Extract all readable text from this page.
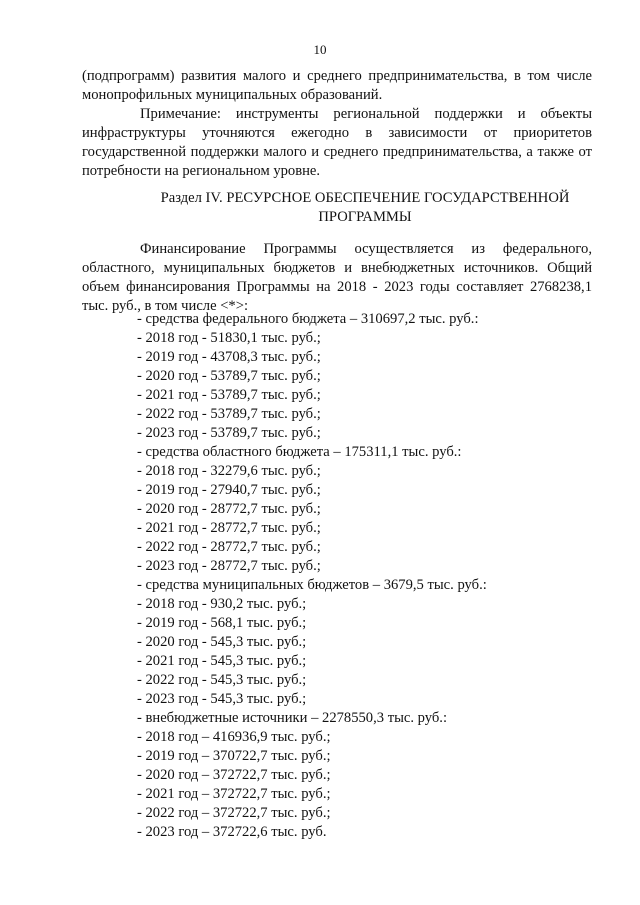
10
(подпрограмм) развития малого и среднего предпринимательства, в том числе монопрофильных муниципальных образований.
Примечание: инструменты региональной поддержки и объекты инфраструктуры уточняются ежегодно в зависимости от приоритетов государственной поддержки малого и среднего предпринимательства, а также от потребности на региональном уровне.
Раздел IV. РЕСУРСНОЕ ОБЕСПЕЧЕНИЕ ГОСУДАРСТВЕННОЙ
ПРОГРАММЫ
Финансирование Программы осуществляется из федерального, областного, муниципальных бюджетов и внебюджетных источников. Общий объем финансирования Программы на 2018 - 2023 годы составляет 2768238,1 тыс. руб., в том числе <*>:
- средства федерального бюджета – 310697,2 тыс. руб.:
- 2018 год - 51830,1 тыс. руб.;
- 2019 год - 43708,3 тыс. руб.;
- 2020 год - 53789,7 тыс. руб.;
- 2021 год - 53789,7 тыс. руб.;
- 2022 год - 53789,7 тыс. руб.;
- 2023 год - 53789,7 тыс. руб.;
- средства областного бюджета – 175311,1 тыс. руб.:
- 2018 год - 32279,6 тыс. руб.;
- 2019 год - 27940,7 тыс. руб.;
- 2020 год - 28772,7 тыс. руб.;
- 2021 год - 28772,7 тыс. руб.;
- 2022 год - 28772,7 тыс. руб.;
- 2023 год - 28772,7 тыс. руб.;
- средства муниципальных бюджетов – 3679,5 тыс. руб.:
- 2018 год - 930,2 тыс. руб.;
- 2019 год - 568,1 тыс. руб.;
- 2020 год - 545,3 тыс. руб.;
- 2021 год - 545,3 тыс. руб.;
- 2022 год - 545,3 тыс. руб.;
- 2023 год - 545,3 тыс. руб.;
- внебюджетные источники – 2278550,3 тыс. руб.:
- 2018 год – 416936,9 тыс. руб.;
- 2019 год – 370722,7 тыс. руб.;
- 2020 год – 372722,7 тыс. руб.;
- 2021 год – 372722,7 тыс. руб.;
- 2022 год – 372722,7 тыс. руб.;
- 2023 год – 372722,6 тыс. руб.
